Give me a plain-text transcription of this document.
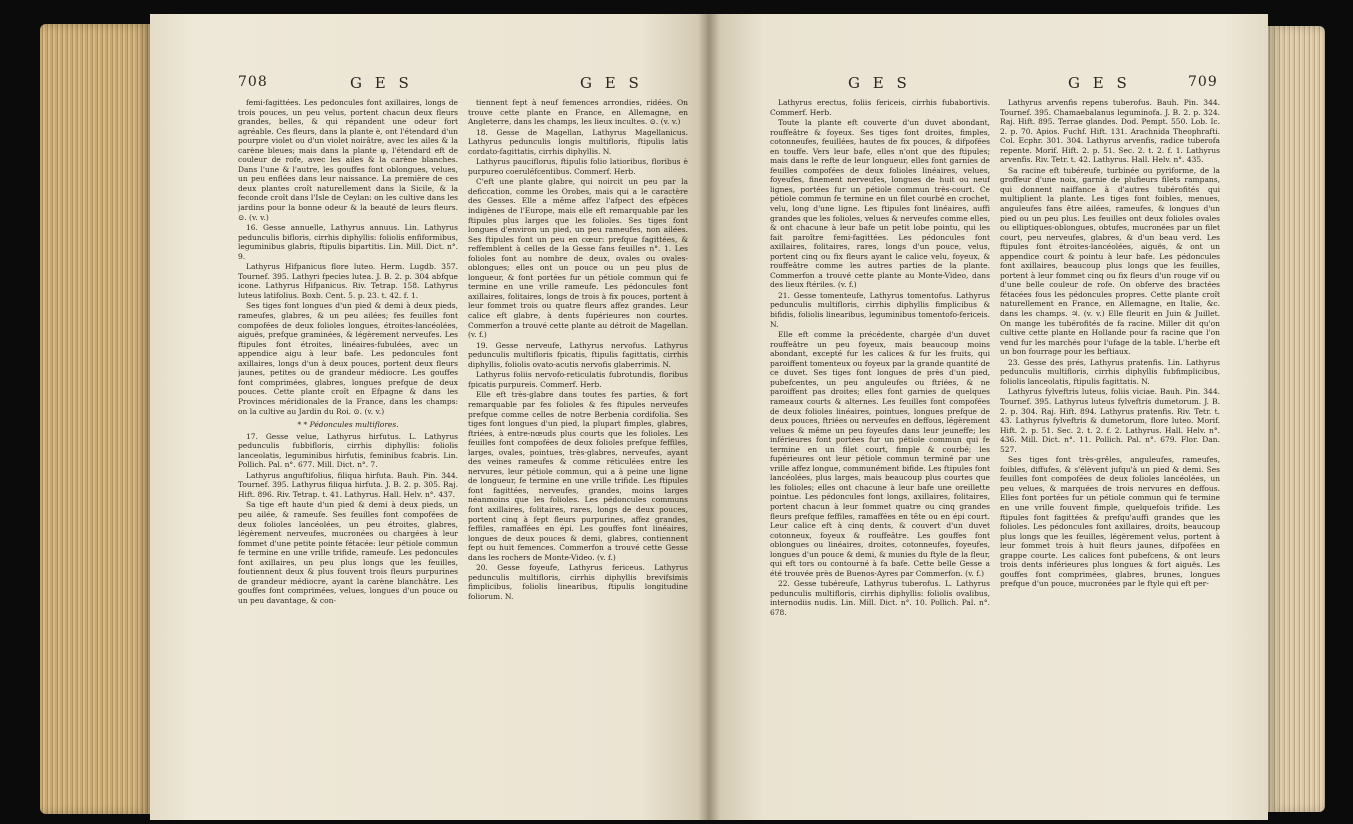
708	G E S	G E S

femi-fagittées. Les pedoncules font axillaires, longs de trois pouces, un peu velus, portent chacun deux fleurs grandes, belles, & qui répandent une odeur fort agréable. Ces fleurs, dans la plante è, ont l'étendard d'un pourpre violet ou d'un violet noirâtre, avec les ailes & la carène bleues; mais dans la plante φ, l'étendard eft de couleur de rofe, avec les ailes & la carène blanches. Dans l'une & l'autre, les gouffes font oblongues, velues, un peu enflées dans leur naissance. La première de ces deux plantes croît naturellement dans la Sicile, & la feconde croît dans l'Isle de Ceylan: on les cultive dans les jardins pour la bonne odeur & la beauté de leurs fleurs. ⊙. (v. v.)

16. Gesse annuelle, Lathyrus annuus. Lin. Lathyrus pedunculis bifloris, cirrhis diphyllis: foliolis enfiformibus, leguminibus glabris, ftipulis bipartitis. Lin. Mill. Dict. n°. 9.

Lathyrus Hifpanicus flore luteo. Herm. Lugdb. 357. Tournef. 395. Lathyri fpecies lutea. J. B. 2. p. 304 abfque icone. Lathyrus Hifpanicus. Riv. Tetrap. 158. Lathyrus luteus latifolius. Boxb. Cent. 5. p. 23. t. 42. f. 1.

Ses tiges font longues d'un pied & demi à deux pieds, rameufes, glabres, & un peu ailées; fes feuilles font compofées de deux folioles longues, étroites-lancéolées, aiguës, prefque graminées, & légèrement nerveufes. Les ftipules font étroites, linéaires-fubulées, avec un appendice aigu à leur bafe. Les pedoncules font axillaires, longs d'un à deux pouces, portent deux fleurs jaunes, petites ou de grandeur médiocre. Les gouffes font comprimées, glabres, longues prefque de deux pouces. Cette plante croît en Efpagne & dans les Provinces méridionales de la France, dans les champs: on la cultive au Jardin du Roi. ⊙. (v. v.)

* * Pédoncules multiflores.

17. Gesse velue, Lathyrus hirfutus. L. Lathyrus pedunculis fubbifloris, cirrhis diphyllis: foliolis lanceolatis, leguminibus hirfutis, feminibus fcabris. Lin. Pollich. Pal. n°. 677. Mill. Dict. n°. 7.

Lathyrus anguftifolius, filiqua hirfuta. Bauh. Pin. 344. Tournef. 395. Lathyrus filiqua hirfuta. J. B. 2. p. 305. Raj. Hift. 896. Riv. Tetrap. t. 41. Lathyrus. Hall. Helv. n°. 437.

Sa tige eft haute d'un pied & demi à deux pieds, un peu ailée, & rameufe. Ses feuilles font compofées de deux folioles lancéolées, un peu étroites, glabres, légèrement nerveufes, mucronées ou chargées à leur fommet d'une petite pointe fétacée: leur pétiole commun fe termine en une vrille trifide, rameufe. Les pedoncules font axillaires, un peu plus longs que les feuilles, foutiennent deux & plus fouvent trois fleurs purpurines de grandeur médiocre, ayant la carène blanchâtre. Les gouffes font comprimées, velues, longues d'un pouce ou un peu davantage, & con-

tiennent fept à neuf femences arrondies, ridées. On trouve cette plante en France, en Allemagne, en Angleterre, dans les champs, les lieux incultes. ⊙. (v. v.)

18. Gesse de Magellan, Lathyrus Magellanicus. Lathyrus pedunculis longis multifloris, ftipulis latis cordato-fagittatis, cirrhis diphyllis. N.

Lathyrus pauciflorus, ftipulis folio latioribus, floribus è purpureo coeruléfcentibus. Commerf. Herb.

C'eft une plante glabre, qui noircit un peu par la deficcation, comme les Orobes, mais qui a le caractère des Gesses. Elle a même affez l'afpect des efpèces indigènes de l'Europe, mais elle eft remarquable par les ftipules plus larges que les folioles. Ses tiges font longues d'environ un pied, un peu rameufes, non ailées. Ses ftipules font un peu en cœur: prefque fagittées, & reffemblent à celles de la Gesse fans feuilles n°. 1. Les folioles font au nombre de deux, ovales ou ovales-oblongues; elles ont un pouce ou un peu plus de longueur, & font portées fur un pétiole commun qui fe termine en une vrille rameufe. Les pédoncules font axillaires, folitaires, longs de trois à fix pouces, portent à leur fommet trois ou quatre fleurs affez grandes. Leur calice eft glabre, à dents fupérieures non courtes. Commerfon a trouvé cette plante au détroit de Magellan. (v. f.)

19. Gesse nerveufe, Lathyrus nervofus. Lathyrus pedunculis multifloris fpicatis, ftipulis fagittatis, cirrhis diphyllis, foliolis ovato-acutis nervofis glaberrimis. N.

Lathyrus foliis nervofo-reticulatis fubrotundis, floribus fpicatis purpureis. Commerf. Herb.

Elle eft très-glabre dans toutes fes parties, & fort remarquable par fes folioles & fes ftipules nerveufes prefque comme celles de notre Berbenia cordifolia. Ses tiges font longues d'un pied, la plupart fimples, glabres, ftriées, à entre-nœuds plus courts que les folioles. Les feuilles font compofées de deux folioles prefque feffiles, larges, ovales, pointues, très-glabres, nerveufes, ayant des veines rameufes & comme réticulées entre les nervures, leur pétiole commun, qui a à peine une ligne de longueur, fe termine en une vrille trifide. Les ftipules font fagittées, nerveufes, grandes, moins larges néanmoins que les folioles. Les pédoncules communs font axillaires, folitaires, rares, longs de deux pouces, portent cinq à fept fleurs purpurines, affez grandes, feffiles, ramaffées en épi. Les gouffes font linéaires, longues de deux pouces & demi, glabres, contiennent fept ou huit femences. Commerfon a trouvé cette Gesse dans les rochers de Monte-Video. (v. f.)

20. Gesse foyeufe, Lathyrus fericeus. Lathyrus pedunculis multifloris, cirrhis diphyllis brevifsimis fimplicibus, foliolis linearibus, ftipulis longitudine foliorum. N.

G E S	G E S	709

Lathyrus erectus, foliis fericeis, cirrhis fubabortivis. Commerf. Herb.

Toute la plante eft couverte d'un duvet abondant, rouffeâtre & foyeux. Ses tiges font droites, fimples, cotonneufes, feuillées, hautes de fix pouces, & difpofées en touffe. Vers leur bafe, elles n'ont que des ftipules; mais dans le refte de leur longueur, elles font garnies de feuilles compofées de deux folioles linéaires, velues, foyeufes, finement nerveufes, longues de huit ou neuf lignes, portées fur un pétiole commun très-court. Ce pétiole commun fe termine en un filet courbé en crochet, velu, long d'une ligne. Les ftipules font linéaires, auffi grandes que les folioles, velues & nerveufes comme elles, & ont chacune à leur bafe un petit lobe pointu, qui les fait paroître femi-fagittées. Les pédoncules font axillaires, folitaires, rares, longs d'un pouce, velus, portent cinq ou fix fleurs ayant le calice velu, foyeux, & rouffeâtre comme les autres parties de la plante. Commerfon a trouvé cette plante au Monte-Video, dans des lieux ftériles. (v. f.)

21. Gesse tomenteufe, Lathyrus tomentofus. Lathyrus pedunculis multifloris, cirrhis diphyllis fimplicibus & bifidis, foliolis linearibus, leguminibus tomentofo-fericeis. N.

Elle eft comme la précédente, chargée d'un duvet rouffeâtre un peu foyeux, mais beaucoup moins abondant, excepté fur les calices & fur les fruits, qui paroiffent tomenteux ou foyeux par la grande quantité de ce duvet. Ses tiges font longues de près d'un pied, pubefcentes, un peu anguleufes ou ftriées, & ne paroiffent pas droites; elles font garnies de quelques rameaux courts & alternes. Les feuilles font compofées de deux folioles linéaires, pointues, longues prefque de deux pouces, ftriées ou nerveufes en deffous, légèrement velues & même un peu foyeufes dans leur jeuneffe; les inférieures font portées fur un pétiole commun qui fe termine en un filet court, fimple & courbé; les fupérieures ont leur pétiole commun terminé par une vrille affez longue, communément bifide. Les ftipules font lancéolées, plus larges, mais beaucoup plus courtes que les folioles; elles ont chacune à leur bafe une oreillette pointue. Les pédoncules font longs, axillaires, folitaires, portent chacun à leur fommet quatre ou cinq grandes fleurs prefque feffiles, ramaffées en tête ou en épi court. Leur calice eft à cinq dents, & couvert d'un duvet cotonneux, foyeux & rouffeâtre. Les gouffes font oblongues ou linéaires, droites, cotonneufes, foyeufes, longues d'un pouce & demi, & munies du ftyle de la fleur, qui eft tors ou contourné à fa bafe. Cette belle Gesse a été trouvée près de Buenos-Ayres par Commerfon. (v. f.)

22. Gesse tubéreufe, Lathyrus tuberofus. L. Lathyrus pedunculis multifloris, cirrhis diphyllis: foliolis ovalibus, internodiis nudis. Lin. Mill. Dict. n°. 10. Pollich. Pal. n°. 678.

Lathyrus arvenfis repens tuberofus. Bauh. Pin. 344. Tournef. 395. Chamaebalanus leguminofa. J. B. 2. p. 324. Raj. Hift. 895. Terrae glandes. Dod. Pempt. 550. Lob. Ic. 2. p. 70. Apios. Fuchf. Hift. 131. Arachnida Theophrafti. Col. Ecphr. 301. 304. Lathyrus arvenfis, radice tuberofa repente. Morif. Hift. 2. p. 51. Sec. 2. t. 2. f. 1. Lathyrus arvenfis. Riv. Tetr. t. 42. Lathyrus. Hall. Helv. n°. 435.

Sa racine eft tubéreufe, turbinée ou pyriforme, de la groffeur d'une noix, garnie de plufieurs filets rampans, qui donnent naiffance à d'autres tubérofités qui multiplient la plante. Les tiges font foibles, menues, anguleufes fans être ailées, rameufes, & longues d'un pied ou un peu plus. Les feuilles ont deux folioles ovales ou elliptiques-oblongues, obtufes, mucronées par un filet court, peu nerveufes, glabres, & d'un beau verd. Les ftipules font étroites-lancéolées, aiguës, & ont un appendice court & pointu à leur bafe. Les pédoncules font axillaires, beaucoup plus longs que les feuilles, portent à leur fommet cinq ou fix fleurs d'un rouge vif ou d'une belle couleur de rofe. On obferve des bractées fétacées fous les pédoncules propres. Cette plante croît naturellement en France, en Allemagne, en Italie, &c. dans les champs. ♃. (v. v.) Elle fleurit en Juin & Juillet. On mange les tubérofités de fa racine. Miller dit qu'on cultive cette plante en Hollande pour fa racine que l'on vend fur les marchés pour l'ufage de la table. L'herbe eft un bon fourrage pour les beftiaux.

23. Gesse des prés, Lathyrus pratenfis. Lin. Lathyrus pedunculis multifloris, cirrhis diphyllis fubfimplicibus, foliolis lanceolatis, ftipulis fagittatis. N.

Lathyrus fylveftris luteus, foliis viciae. Bauh. Pin. 344. Tournef. 395. Lathyrus luteus fylveftris dumetorum. J. B. 2. p. 304. Raj. Hift. 894. Lathyrus pratenfis. Riv. Tetr. t. 43. Lathyrus fylveftris & dumetorum, flore luteo. Morif. Hift. 2. p. 51. Sec. 2. t. 2. f. 2. Lathyrus. Hall. Helv. n°. 436. Mill. Dict. n°. 11. Pollich. Pal. n°. 679. Flor. Dan. 527.

Ses tiges font très-grêles, anguleufes, rameufes, foibles, diffufes, & s'élèvent jufqu'à un pied & demi. Ses feuilles font compofées de deux folioles lancéolées, un peu velues, & marquées de trois nervures en deffous. Elles font portées fur un pétiole commun qui fe termine en une vrille fouvent fimple, quelquefois trifide. Les ftipules font fagittées & prefqu'auffi grandes que les folioles. Les pédoncules font axillaires, droits, beaucoup plus longs que les feuilles, légèrement velus, portent à leur fommet trois à huit fleurs jaunes, difpofées en grappe courte. Les calices font pubefcens, & ont leurs trois dents inférieures plus longues & fort aiguës. Les gouffes font comprimées, glabres, brunes, longues prefque d'un pouce, mucronées par le ftyle qui eft per-
